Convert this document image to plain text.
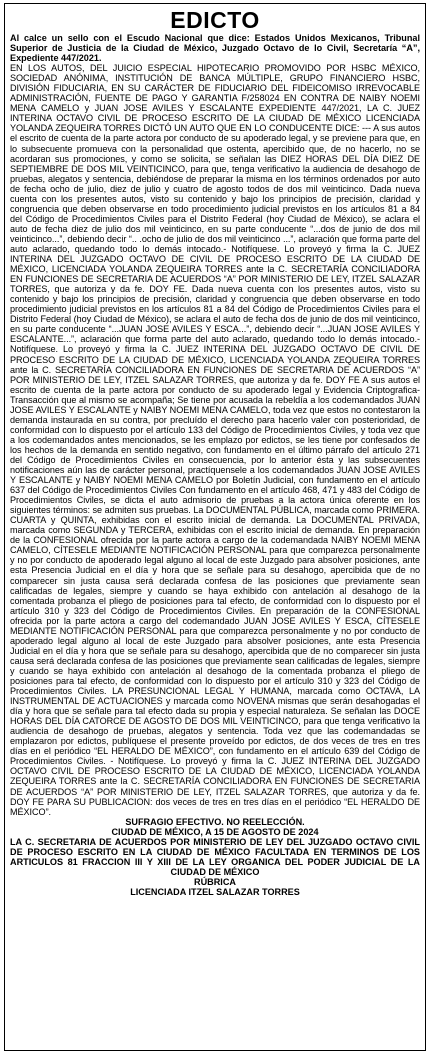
EDICTO

Al calce un sello con el Escudo Nacional que dice: Estados Unidos Mexicanos, Tribunal Superior de Justicia de la Ciudad de México, Juzgado Octavo de lo Civil, Secretaría “A”, Expediente 447/2021.

EN LOS AUTOS, DEL JUICIO ESPECIAL HIPOTECARIO PROMOVIDO POR HSBC MÉXICO, SOCIEDAD ANÓNIMA, INSTITUCIÓN DE BANCA MÚLTIPLE, GRUPO FINANCIERO HSBC, DIVISIÓN FIDUCIARIA, EN SU CARÁCTER DE FIDUCIARIO DEL FIDEICOMISO IRREVOCABLE ADMINISTRACIÓN, FUENTE DE PAGO Y GARANTIA F/258024 EN CONTRA DE NAIBY NOEMI MENA CAMELO y JUAN JOSE AVILES Y ESCALANTE EXPEDIENTE 447/2021, LA C. JUEZ INTERINA OCTAVO CIVIL DE PROCESO ESCRITO DE LA CIUDAD DE MÉXICO LICENCIADA YOLANDA ZEQUEIRA TORRES DICTÓ UN AUTO QUE EN LO CONDUCENTE DICE: --- A sus autos el escrito de cuenta de la parte actora por conducto de su apoderado legal, y se previene para que, en lo subsecuente promueva con la personalidad que ostenta, apercibido que, de no hacerlo, no se acordaran sus promociones, y como se solicita, se señalan las DIEZ HORAS DEL DÍA DIEZ DE SEPTIEMBRE DE DOS MIL VEINTICINCO, para que, tenga verificativo la audiencia de desahogo de pruebas, alegatos y sentencia, debiéndose de preparar la misma en los términos ordenados por auto de fecha ocho de julio, diez de julio y cuatro de agosto todos de dos mil veinticinco. Dada nueva cuenta con los presentes autos, visto su contenido y bajo los principios de precisión, claridad y congruencia que deben observarse en todo procedimiento judicial previstos en los artículos 81 a 84 del Código de Procedimientos Civiles para el Distrito Federal (hoy Ciudad de México), se aclara el auto de fecha diez de julio dos mil veinticinco, en su parte conducente “...dos de junio de dos mil veinticinco...”, debiendo decir “.. .ocho de julio de dos mil veinticinco ...”, aclaración que forma parte del auto aclarado, quedando todo lo demás intocado.- Notifíquese. Lo proveyó y firma la C. JUEZ INTERINA DEL JUZGADO OCTAVO DE CIVIL DE PROCESO ESCRITO DE LA CIUDAD DE MÉXICO, LICENCIADA YOLANDA ZEQUEIRA TORRES ante la C. SECRETARÍA CONCILIADORA EN FUNCIONES DE SECRETARIA DE ACUERDOS “A” POR MINISTERIO DE LEY, ITZEL SALAZAR TORRES, que autoriza y da fe. DOY FE. Dada nueva cuenta con los presentes autos, visto su contenido y bajo los principios de precisión, claridad y congruencia que deben observarse en todo procedimiento judicial previstos en los artículos 81 a 84 del Código de Procedimientos Civiles para el Distrito Federal (hoy Ciudad de México), se aclara el auto de fecha dos de junio de dos mil veinticinco, en su parte conducente “...JUAN JOSE AVILES Y ESCA...”, debiendo decir “...JUAN JOSE AVILES Y ESCALANTE...”, aclaración que forma parte del auto aclarado, quedando todo lo demás intocado.- Notifíquese. Lo proveyó y firma la C. JUEZ INTERINA DEL JUZGADO OCTAVO DE CIVIL DE PROCESO ESCRITO DE LA CIUDAD DE MÉXICO, LICENCIADA YOLANDA ZEQUEIRA TORRES ante la C. SECRETARÍA CONCILIADORA EN FUNCIONES DE SECRETARIA DE ACUERDOS “A” POR MINISTERIO DE LEY, ITZEL SALAZAR TORRES, que autoriza y da fe. DOY FE A sus autos el escrito de cuenta de la parte actora por conducto de su apoderado legal y Evidencia Criptografica-Transacción que al mismo se acompaña; Se tiene por acusada la rebeldía a los codemandados JUAN JOSE AVILES Y ESCALANTE y NAIBY NOEMI MENA CAMELO, toda vez que estos no contestaron la demanda instaurada en su contra, por precluído el derecho para hacerlo valer con posterioridad, de conformidad con lo dispuesto por el artículo 133 del Código de Procedimientos Civiles, y toda vez que a los codemandados antes mencionados, se les emplazo por edictos, se les tiene por confesados de los hechos de la demanda en sentido negativo, con fundamento en el último párrafo del artículo 271 del Código de Procedimientos Civiles en consecuencia, por lo anterior ésta y las subsecuentes notificaciones aún las de carácter personal, practíquensele a los codemandados JUAN JOSE AVILES Y ESCALANTE y NAIBY NOEMI MENA CAMELO por Boletín Judicial, con fundamento en el artículo 637 del Código de Procedimientos Civiles Con fundamento en el artículo 468, 471 y 483 del Código de Procedimientos Civiles, se dicta el auto admisorio de pruebas a la actora única oferente en los siguientes términos: se admiten sus pruebas. La DOCUMENTAL PÚBLICA, marcada como PRIMERA. CUARTA y QUINTA, exhibidas con el escrito inicial de demanda. La DOCUMENTAL PRIVADA, marcada como SEGUNDA y TERCERA, exhibidas con el escrito inicial de demanda. En preparación de la CONFESIONAL ofrecida por la parte actora a cargo de la codemandada NAIBY NOEMI MENA CAMELO, CÍTESELE MEDIANTE NOTIFICACIÓN PERSONAL para que comparezca personalmente y no por conducto de apoderado legal alguno al local de este Juzgado para absolver posiciones, ante esta Presencia Judicial en el día y hora que se señale para su desahogo, apercibida que de no comparecer sin justa causa será declarada confesa de las posiciones que previamente sean calificadas de legales, siempre y cuando se haya exhibido con antelación al desahogo de la comentada probanza el pliego de posiciones para tal efecto, de conformidad con lo dispuesto por el artículo 310 y 323 del Código de Procedimientos Civiles. En preparación de la CONFESIONAL ofrecida por la parte actora a cargo del codemandado JUAN JOSE AVILES Y ESCA, CÍTESELE MEDIANTE NOTIFICACIÓN PERSONAL para que comparezca personalmente y no por conducto de apoderado legal alguno al local de este Juzgado para absolver posiciones, ante esta Presencia Judicial en el día y hora que se señale para su desahogo, apercibida que de no comparecer sin justa causa será declarada confesa de las posiciones que previamente sean calificadas de legales, siempre y cuando se haya exhibido con antelación al desahogo de la comentada probanza el pliego de posiciones para tal efecto, de conformidad con lo dispuesto por el artículo 310 y 323 del Código de Procedimientos Civiles. LA PRESUNCIONAL LEGAL Y HUMANA, marcada como OCTAVA, LA INSTRUMENTAL DE ACTUACIONES y marcada como NOVENA mismas que serán desahogadas el día y hora que se señale para tal efecto dada su propia y especial naturaleza. Se señalan las DOCE HORAS DEL DÍA CATORCE DE AGOSTO DE DOS MIL VEINTICINCO, para que tenga verificativo la audiencia de desahogo de pruebas, alegatos y sentencia. Toda vez que las codemandadas se emplazaron por edictos, publíquese el presente proveído por edictos, de dos veces de tres en tres días en el periódico “EL HERALDO DE MÉXICO”, con fundamento en el artículo 639 del Código de Procedimientos Civiles. - Notifíquese. Lo proveyó y firma la C. JUEZ INTERINA DEL JUZGADO OCTAVO CIVIL DE PROCESO ESCRITO DE LA CIUDAD DE MÉXICO, LICENCIADA YOLANDA ZEQUEIRA TORRES ante la C. SECRETARÍA CONCILIADORA EN FUNCIONES DE SECRETARIA DE ACUERDOS “A” POR MINISTERIO DE LEY, ITZEL SALAZAR TORRES, que autoriza y da fe. DOY FE PARA SU PUBLICACION: dos veces de tres en tres días en el periódico “EL HERALDO DE MÉXICO”.

SUFRAGIO EFECTIVO. NO REELECCIÓN.

CIUDAD DE MÉXICO, A 15 DE AGOSTO DE 2024

LA C. SECRETARIA DE ACUERDOS POR MINISTERIO DE LEY DEL JUZGADO OCTAVO CIVIL DE PROCESO ESCRITO EN LA CIUDAD DE MÉXICO FACULTADA EN TERMINOS DE LOS ARTICULOS 81 FRACCION III Y XIII DE LA LEY ORGANICA DEL PODER JUDICIAL DE LA CIUDAD DE MÉXICO

RÚBRICA

LICENCIADA ITZEL SALAZAR TORRES
